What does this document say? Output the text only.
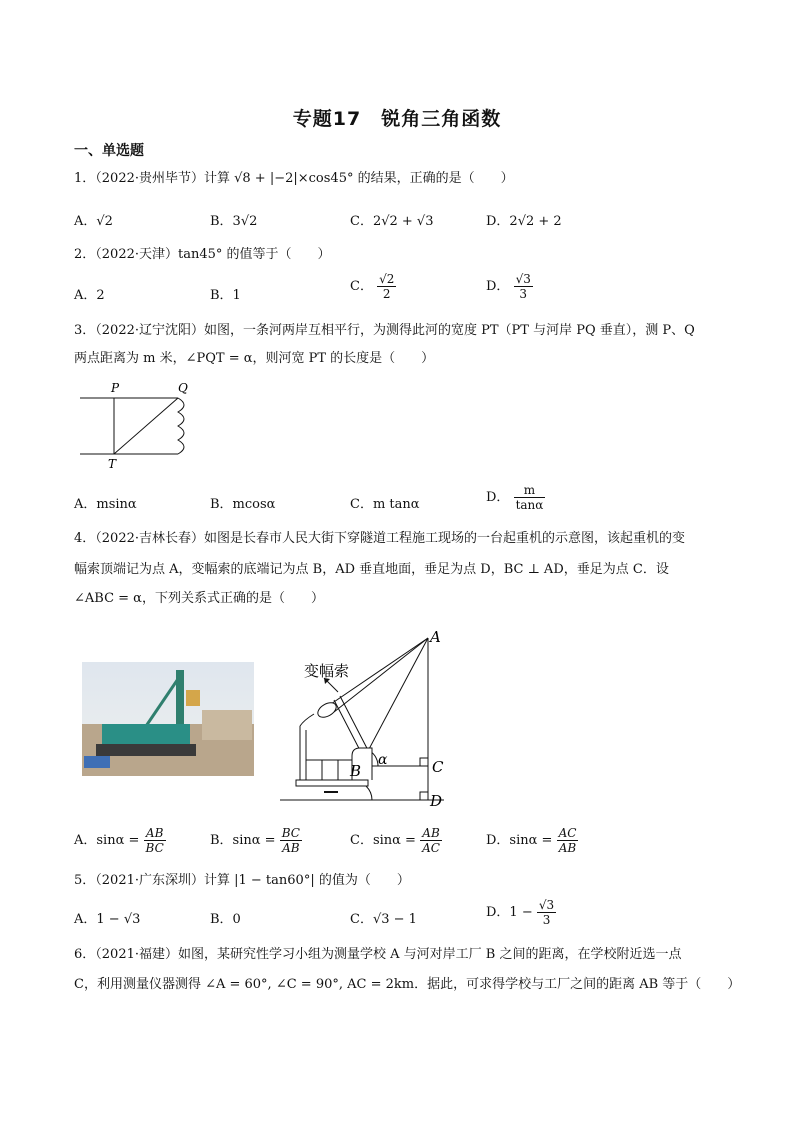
专题17　锐角三角函数
一、单选题
1．（2022·贵州毕节）计算 √8 + |−2|×cos45° 的结果，正确的是（　　）
A．√2	B．3√2	C．2√2 + √3	D．2√2 + 2
2．（2022·天津）tan45° 的值等于（　　）
A．2	B．1
C． $\frac{√2}{2}$	D． $\frac{√3}{3}$
3．（2022·辽宁沈阳）如图，一条河两岸互相平行，为测得此河的宽度 PT（PT 与河岸 PQ 垂直），测 P、Q
两点距离为 m 米，∠PQT = α，则河宽 PT 的长度是（　　）
P	Q
T
A．msinα	B．mcosα	C．m tanα	D． $\frac{m}{\tan\alpha}$
4．（2022·吉林长春）如图是长春市人民大街下穿隧道工程施工现场的一台起重机的示意图，该起重机的变
幅索顶端记为点 A，变幅索的底端记为点 B，AD 垂直地面，垂足为点 D，BC ⊥ AD，垂足为点 C．设
∠ABC = α，下列关系式正确的是（　　）
变幅索
A
B	C
D
α
A．$\sin\alpha = \frac{AB}{BC}$	B．$\sin\alpha = \frac{BC}{AB}$	C．$\sin\alpha = \frac{AB}{AC}$	D．$\sin\alpha = \frac{AC}{AB}$
5．（2021·广东深圳）计算 |1 − tan60°| 的值为（　　）
A．1 − √3	B．0	C．√3 − 1	D．$1 - \frac{√3}{3}$
6．（2021·福建）如图，某研究性学习小组为测量学校 A 与河对岸工厂 B 之间的距离，在学校附近选一点
C，利用测量仪器测得 ∠A = 60°, ∠C = 90°, AC = 2km．据此，可求得学校与工厂之间的距离 AB 等于（　　）
